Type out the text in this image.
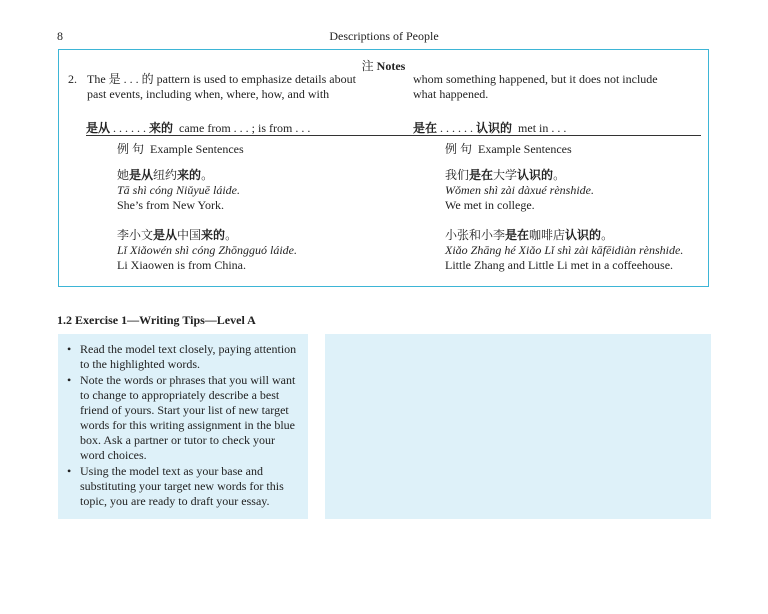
8	Descriptions of People
注 Notes
2. The 是 . . . 的 pattern is used to emphasize details about
past events, including when, where, how, and with
whom something happened, but it does not include
what happened.
是从 . . . . . . 来的 came from . . . ; is from . . .	是在 . . . . . . 认识的 met in . . .
例 句 Example Sentences	例 句 Example Sentences
她是从纽约来的。
Tā shì cóng Niǔyuē láide.
She’s from New York.
李小文是从中国来的。
Lǐ Xiǎowén shì cóng Zhōngguó láide.
Li Xiaowen is from China.
我们是在大学认识的。
Wǒmen shì zài dàxué rènshide.
We met in college.
小张和小李是在咖啡店认识的。
Xiǎo Zhāng hé Xiǎo Lǐ shì zài kāfēidiàn rènshide.
Little Zhang and Little Li met in a coffeehouse.
1.2 Exercise 1—Writing Tips—Level A
• Read the model text closely, paying attention to the highlighted words.
• Note the words or phrases that you will want to change to appropriately describe a best friend of yours. Start your list of new target words for this writing assignment in the blue box. Ask a partner or tutor to check your word choices.
• Using the model text as your base and substituting your target new words for this topic, you are ready to draft your essay.
